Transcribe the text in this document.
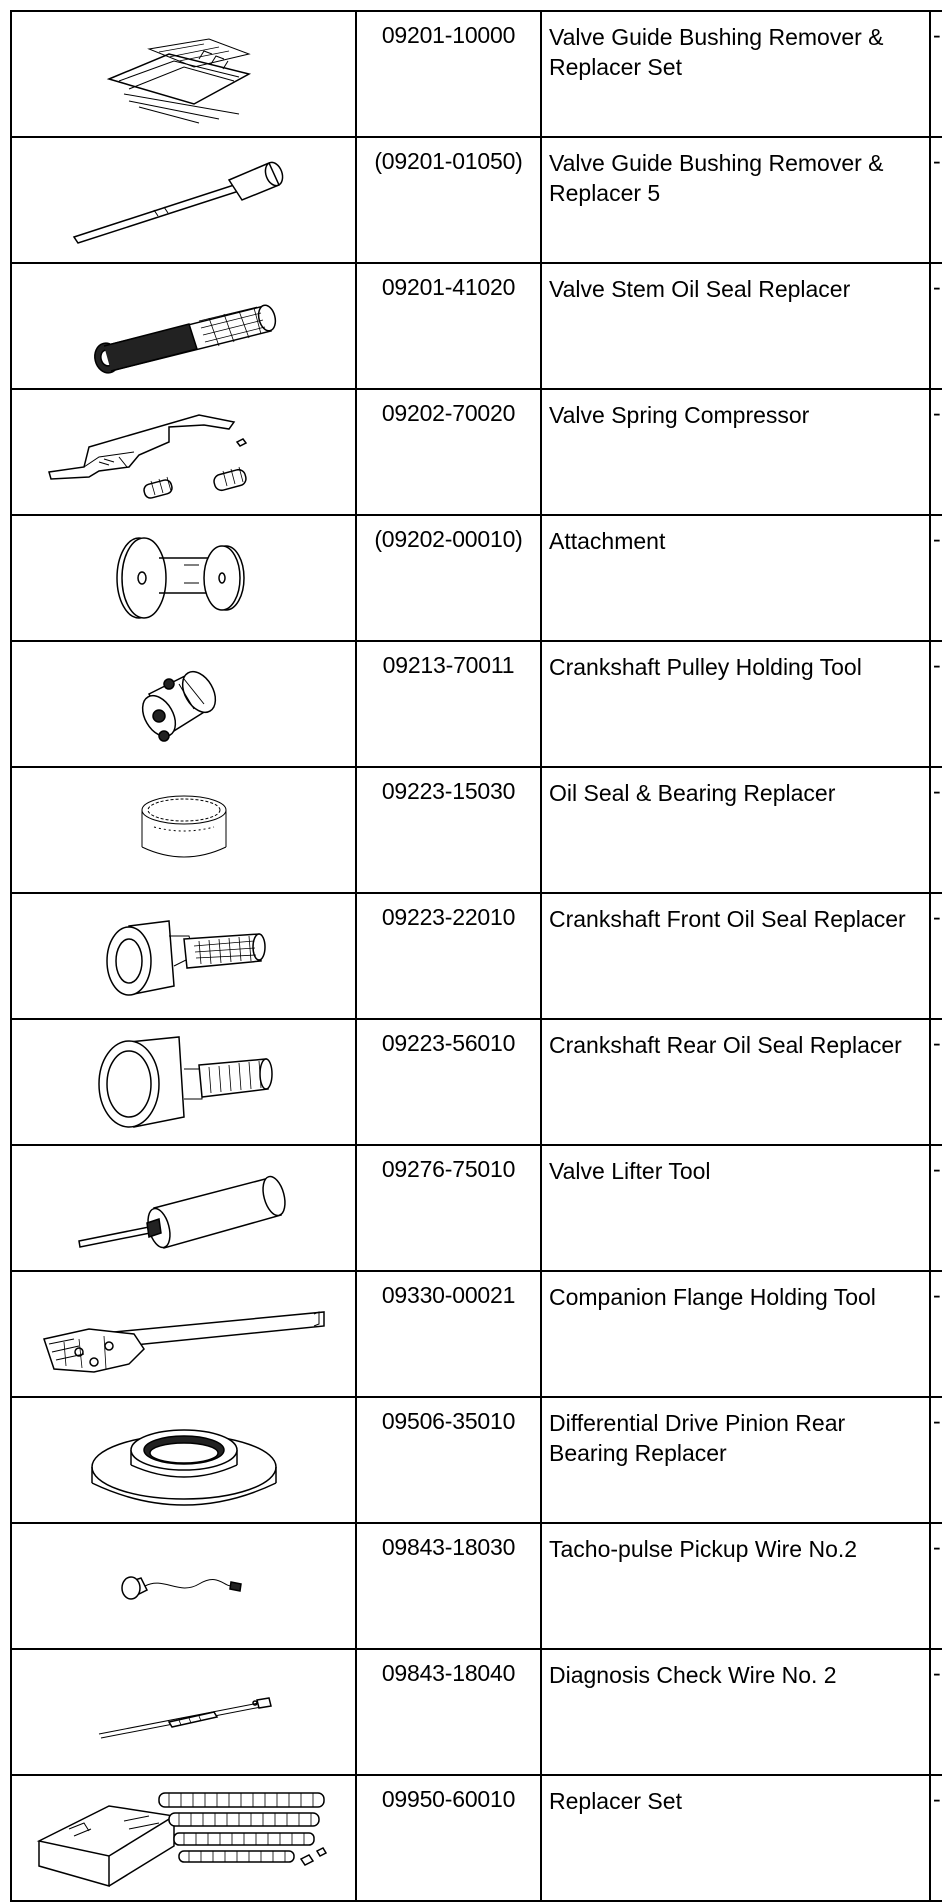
	09201-10000	Valve Guide Bushing Remover & Replacer Set	-

	(09201-01050)	Valve Guide Bushing Remover & Replacer 5	-

	09201-41020	Valve Stem Oil Seal Replacer	-

	09202-70020	Valve Spring Compressor	-

	(09202-00010)	Attachment	-

	09213-70011	Crankshaft Pulley Holding Tool	-

	09223-15030	Oil Seal & Bearing Replacer	-

	09223-22010	Crankshaft Front Oil Seal Replacer	-

	09223-56010	Crankshaft Rear Oil Seal Replacer	-

	09276-75010	Valve Lifter Tool	-

	09330-00021	Companion Flange Holding Tool	-

	09506-35010	Differential Drive Pinion Rear Bearing Replacer	-

	09843-18030	Tacho-pulse Pickup Wire No.2	-

	09843-18040	Diagnosis Check Wire No. 2	-

	09950-60010	Replacer Set	-
